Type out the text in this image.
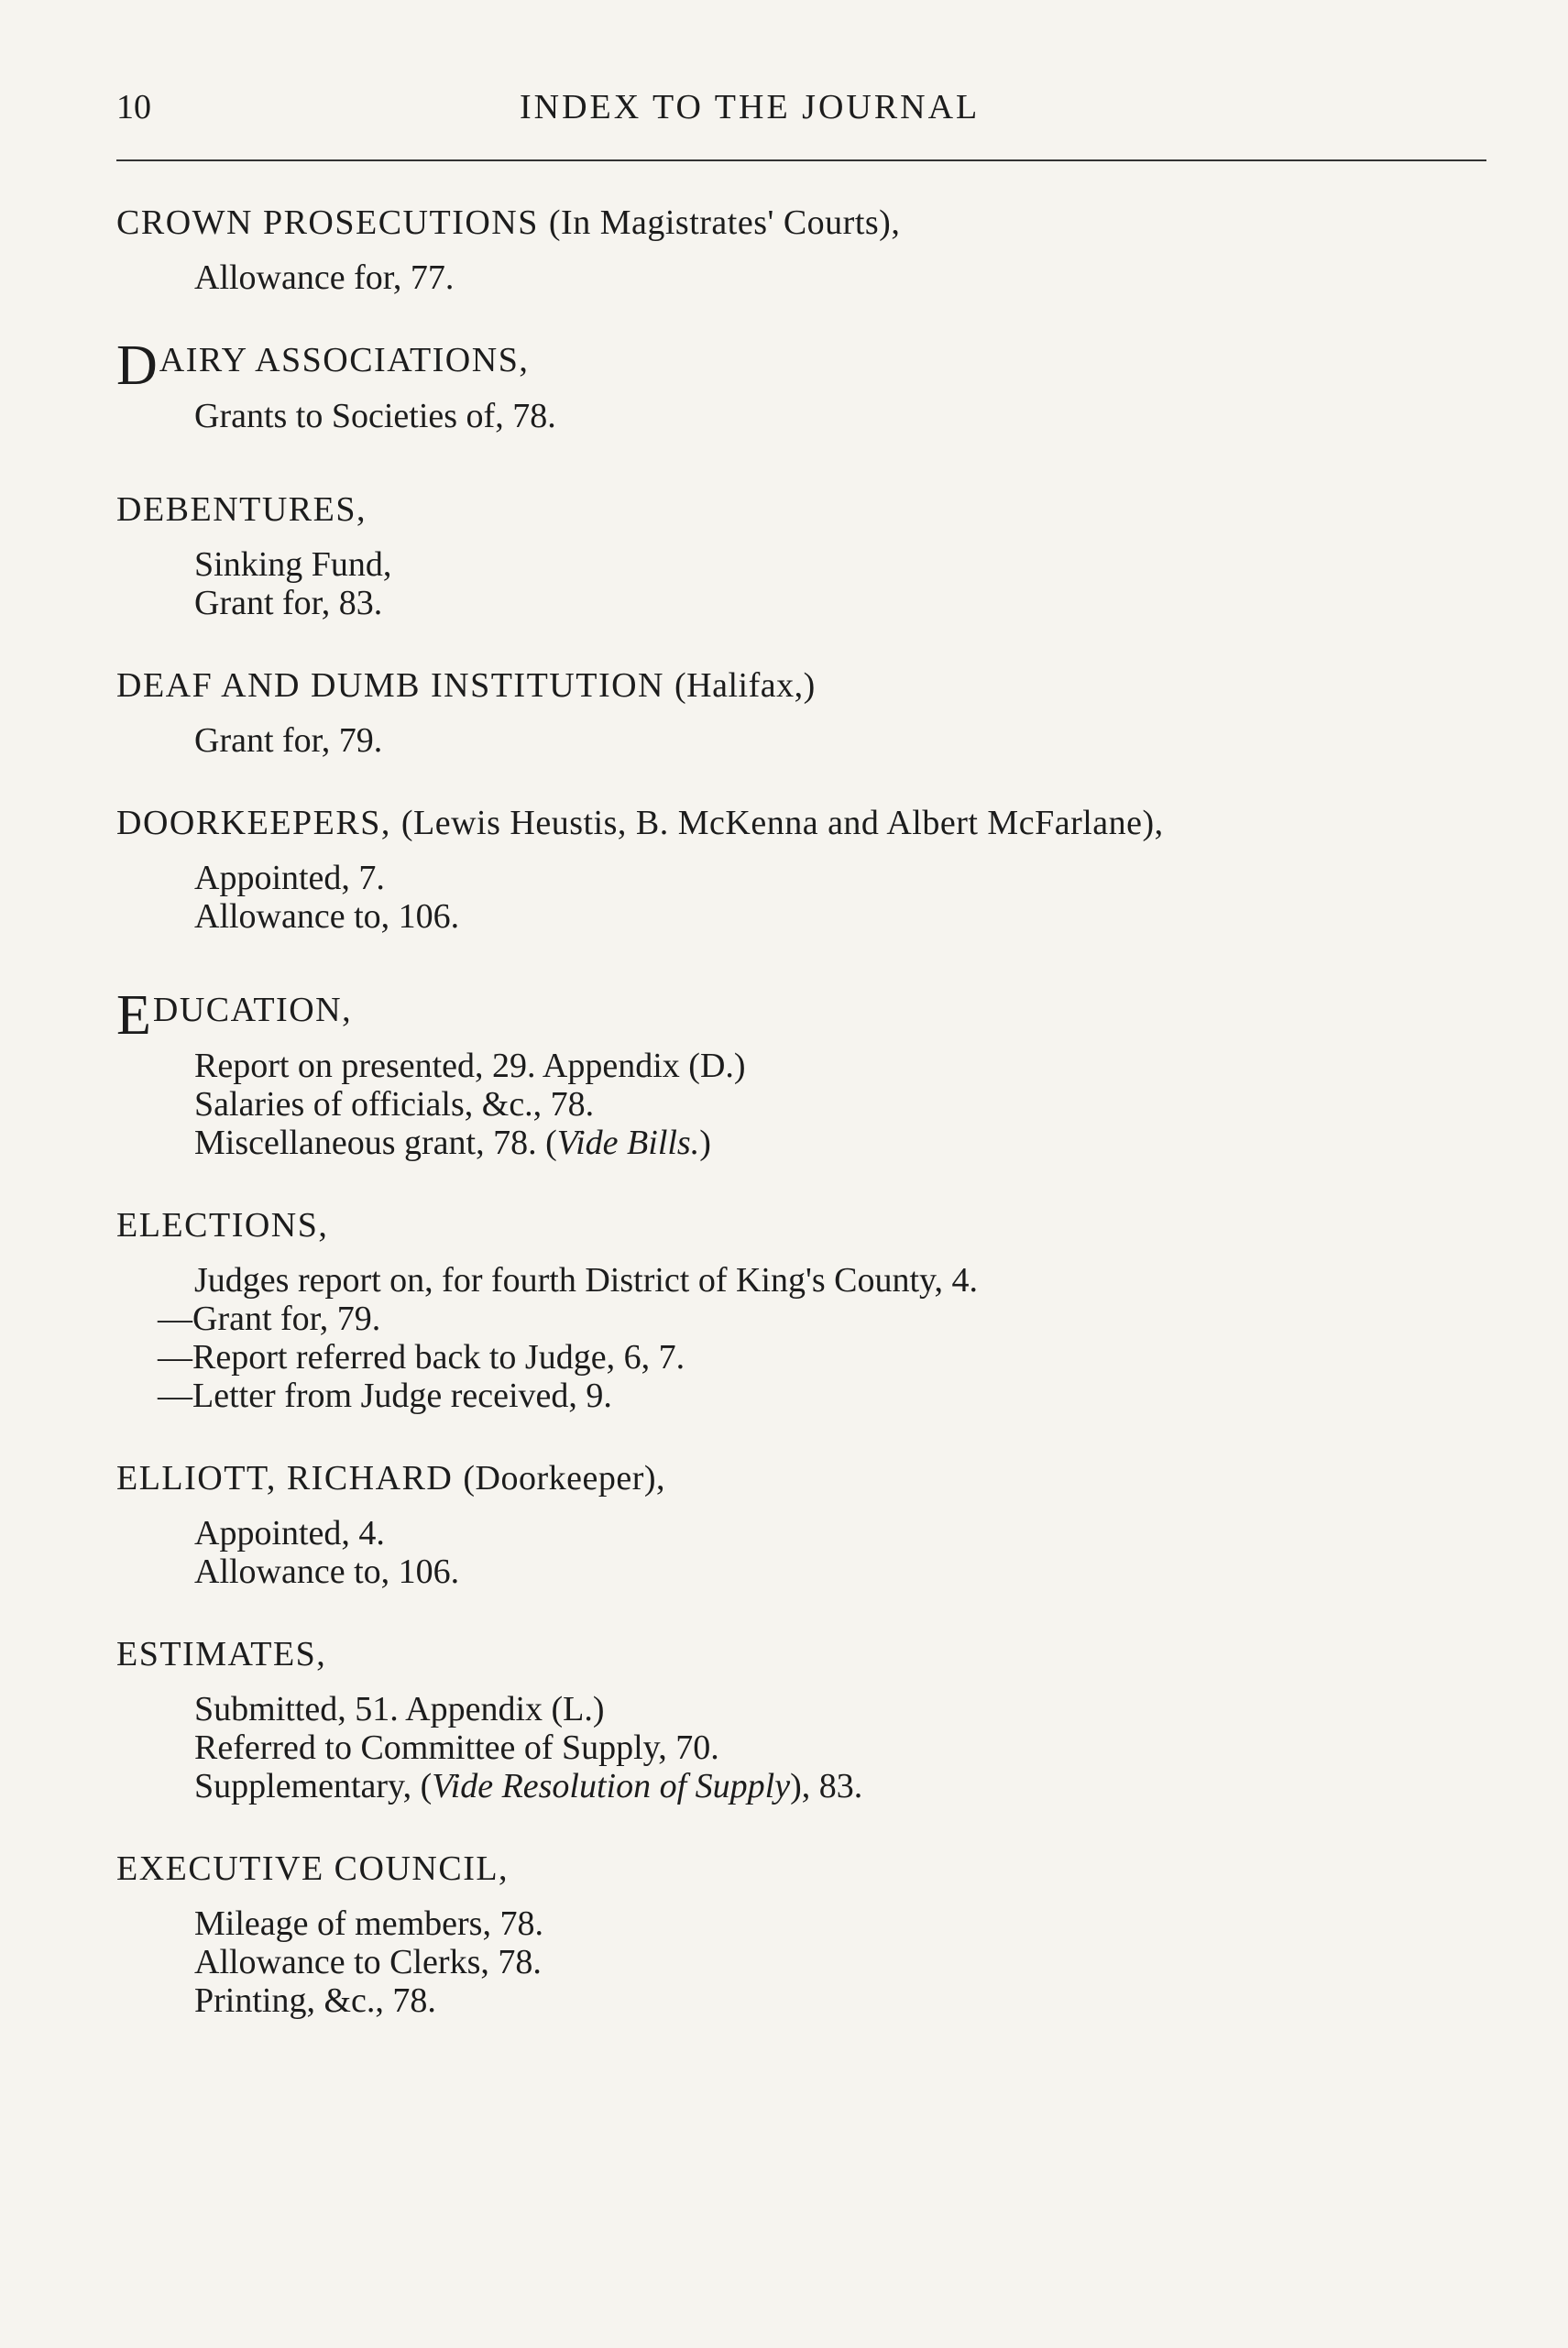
10	INDEX TO THE JOURNAL
CROWN PROSECUTIONS (In Magistrates' Courts),
Allowance for, 77.
DAIRY ASSOCIATIONS,
Grants to Societies of, 78.
DEBENTURES,
Sinking Fund,
Grant for, 83.
DEAF AND DUMB INSTITUTION (Halifax,)
Grant for, 79.
DOORKEEPERS, (Lewis Heustis, B. McKenna and Albert McFarlane),
Appointed, 7.
Allowance to, 106.
EDUCATION,
Report on presented, 29. Appendix (D.)
Salaries of officials, &c., 78.
Miscellaneous grant, 78. (Vide Bills.)
ELECTIONS,
Judges report on, for fourth District of King's County, 4.
—Grant for, 79.
—Report referred back to Judge, 6, 7.
—Letter from Judge received, 9.
ELLIOTT, RICHARD (Doorkeeper),
Appointed, 4.
Allowance to, 106.
ESTIMATES,
Submitted, 51. Appendix (L.)
Referred to Committee of Supply, 70.
Supplementary, (Vide Resolution of Supply), 83.
EXECUTIVE COUNCIL,
Mileage of members, 78.
Allowance to Clerks, 78.
Printing, &c., 78.
